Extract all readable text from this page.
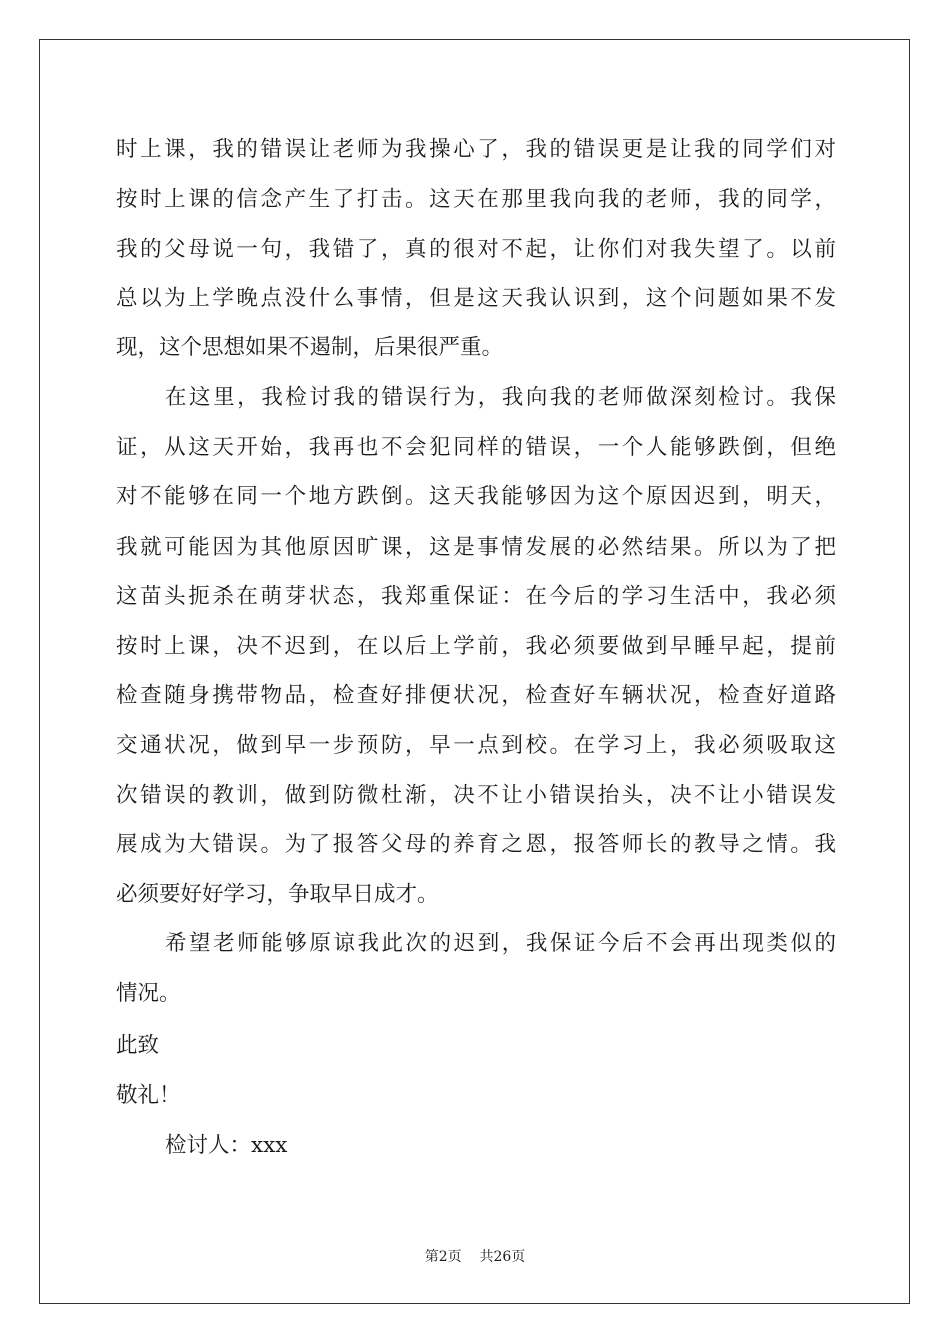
时上课，我的错误让老师为我操心了，我的错误更是让我的同学们对
按时上课的信念产生了打击。这天在那里我向我的老师，我的同学，
我的父母说一句，我错了，真的很对不起，让你们对我失望了。以前
总以为上学晚点没什么事情，但是这天我认识到，这个问题如果不发
现，这个思想如果不遏制，后果很严重。
在这里，我检讨我的错误行为，我向我的老师做深刻检讨。我保
证，从这天开始，我再也不会犯同样的错误，一个人能够跌倒，但绝
对不能够在同一个地方跌倒。这天我能够因为这个原因迟到，明天，
我就可能因为其他原因旷课，这是事情发展的必然结果。所以为了把
这苗头扼杀在萌芽状态，我郑重保证：在今后的学习生活中，我必须
按时上课，决不迟到，在以后上学前，我必须要做到早睡早起，提前
检查随身携带物品，检查好排便状况，检查好车辆状况，检查好道路
交通状况，做到早一步预防，早一点到校。在学习上，我必须吸取这
次错误的教训，做到防微杜渐，决不让小错误抬头，决不让小错误发
展成为大错误。为了报答父母的养育之恩，报答师长的教导之情。我
必须要好好学习，争取早日成才。
希望老师能够原谅我此次的迟到，我保证今后不会再出现类似的
情况。
此致
敬礼！
检讨人：xxx
第2页    共26页
